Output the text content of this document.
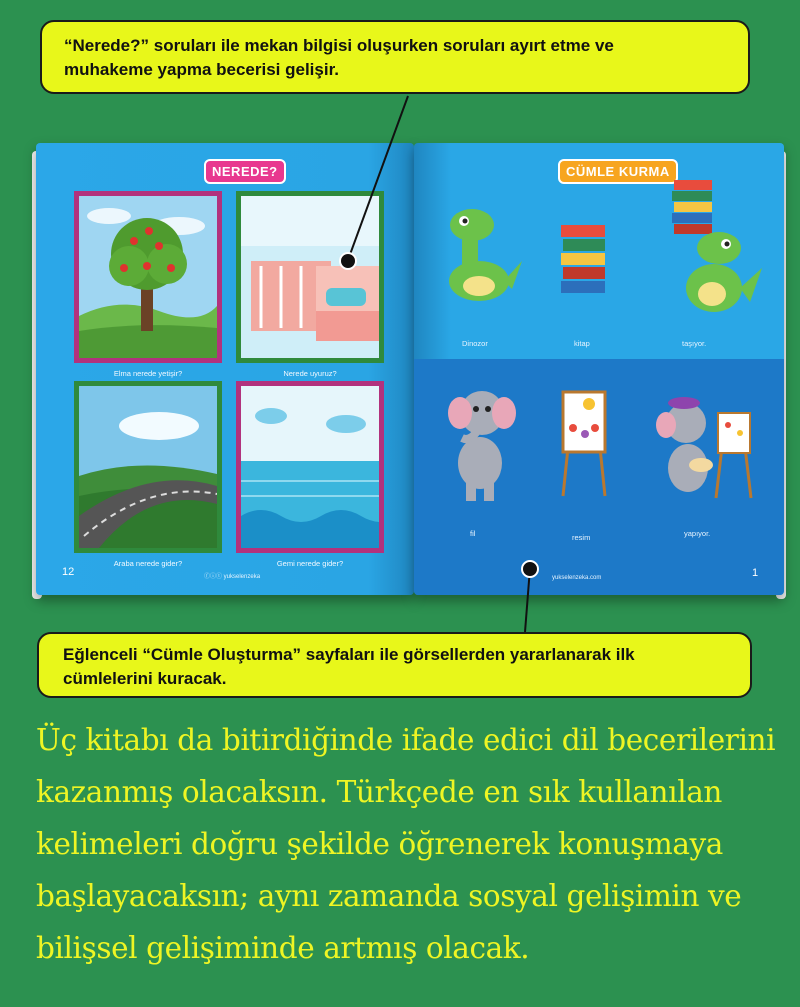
“Nerede?” soruları ile mekan bilgisi oluşurken soruları ayırt etme ve
muhakeme yapma becerisi gelişir.
NEREDE?
Elma nerede yetişir?	Nerede uyuruz?
Araba nerede gider?	Gemi nerede gider?
12	ⓕⓘⓣ yukselenzeka
CÜMLE KURMA
Dinozor	kitap	taşıyor.
fil	resim	yapıyor.
yukselenzeka.com	1
Eğlenceli “Cümle Oluşturma” sayfaları ile görsellerden yararlanarak ilk
cümlelerini kuracak.
Üç kitabı da bitirdiğinde ifade edici dil becerilerini
kazanmış olacaksın. Türkçede en sık kullanılan
kelimeleri doğru şekilde öğrenerek konuşmaya
başlayacaksın; aynı zamanda sosyal gelişimin ve
bilişsel gelişiminde artmış olacak.
